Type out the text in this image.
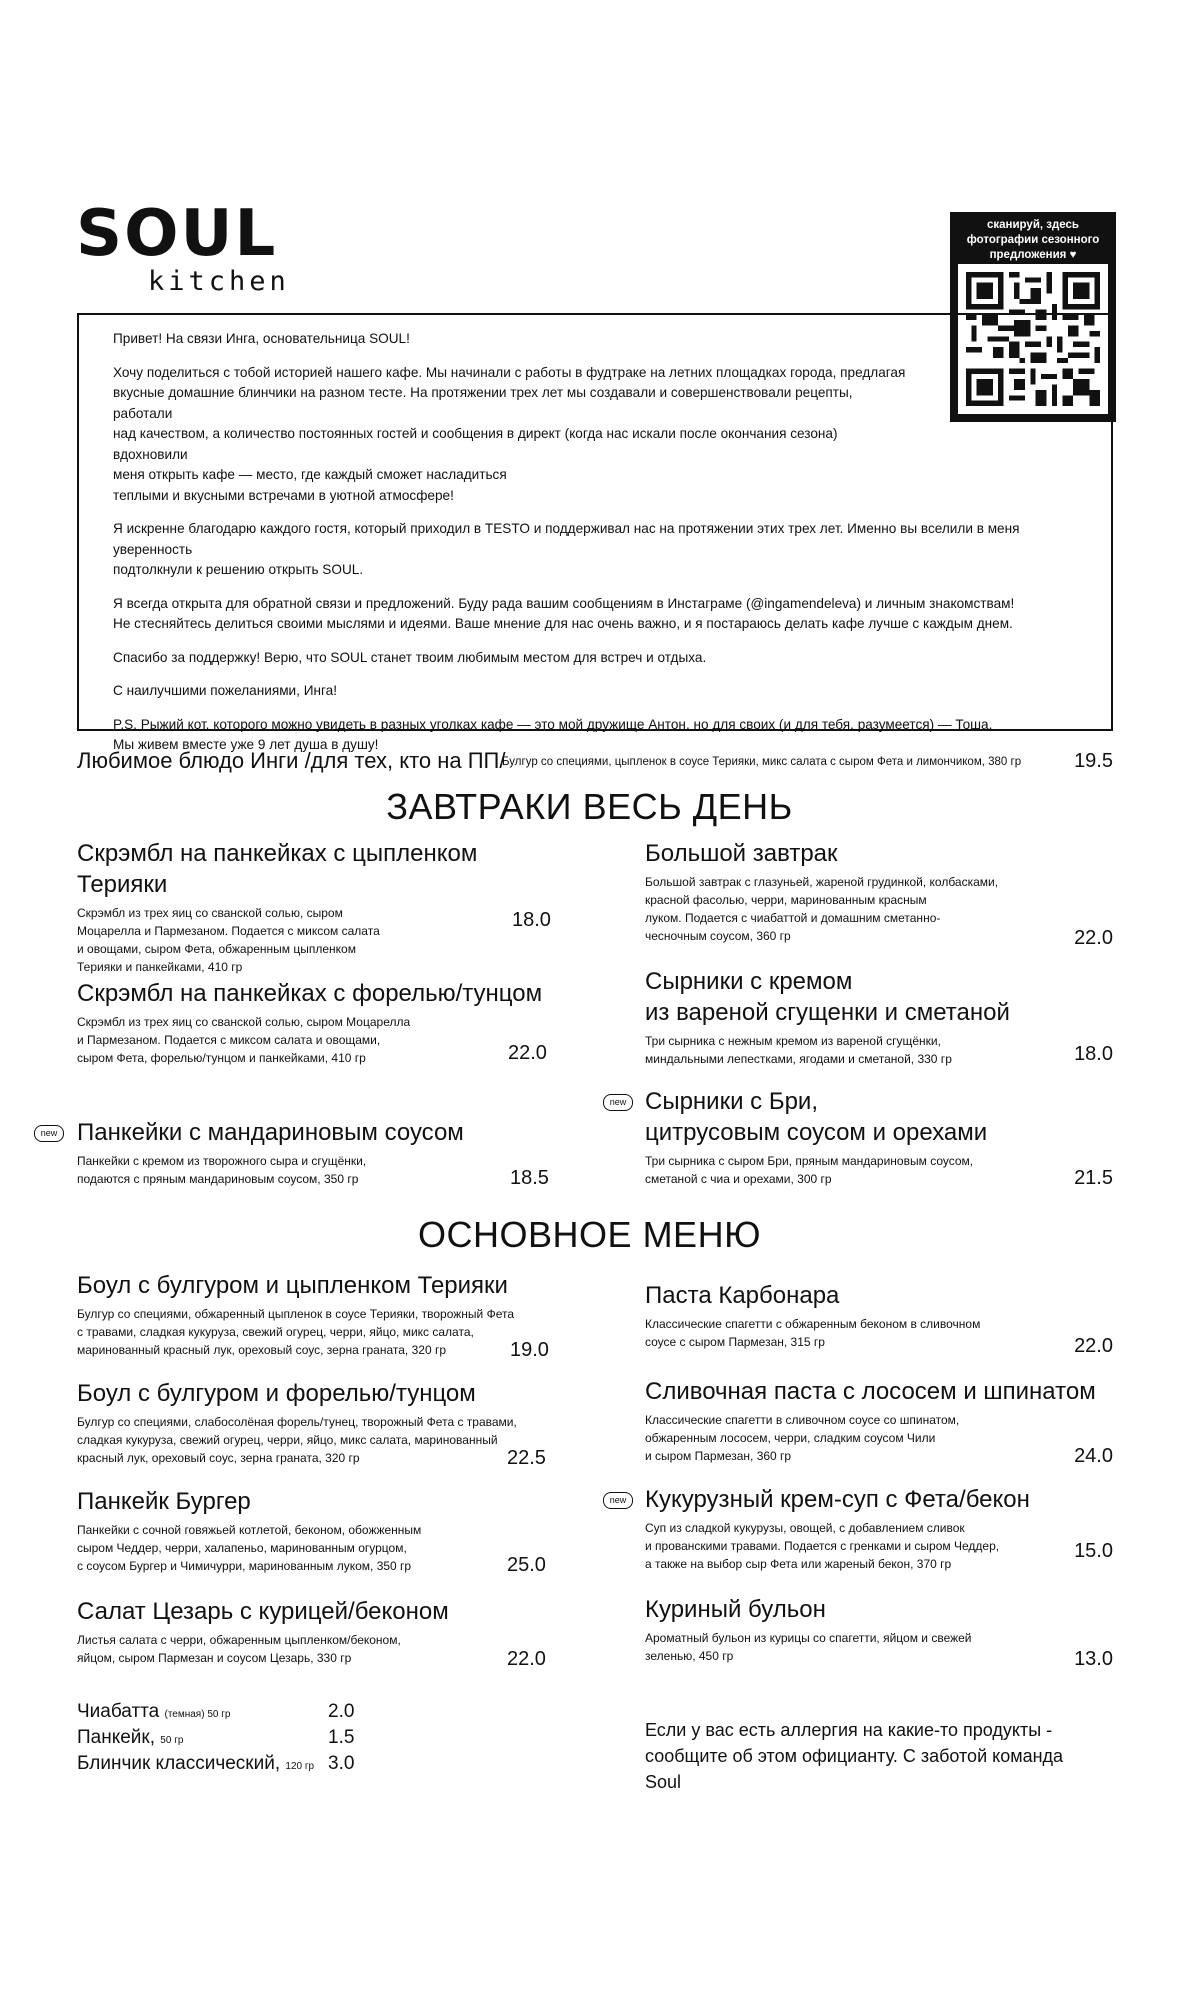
SOUL
kitchen
сканируй, здесь фотографии сезонного предложения ♥

Привет! На связи Инга, основательница SOUL!

Хочу поделиться с тобой историей нашего кафе. Мы начинали с работы в фудтраке на летних площадках города, предлагая
вкусные домашние блинчики на разном тесте. На протяжении трех лет мы создавали и совершенствовали рецепты, работали
над качеством, а количество постоянных гостей и сообщения в директ (когда нас искали после окончания сезона) вдохновили
меня открыть кафе — место, где каждый сможет насладиться
теплыми и вкусными встречами в уютной атмосфере!

Я искренне благодарю каждого гостя, который приходил в TESTO и поддерживал нас на протяжении этих трех лет. Именно вы вселили в меня уверенность
подтолкнули к решению открыть SOUL.

Я всегда открыта для обратной связи и предложений. Буду рада вашим сообщениям в Инстаграме (@ingamendeleva) и личным знакомствам!
Не стесняйтесь делиться своими мыслями и идеями. Ваше мнение для нас очень важно, и я постараюсь делать кафе лучше с каждым днем.

Спасибо за поддержку! Верю, что SOUL станет твоим любимым местом для встреч и отдыха.

С наилучшими пожеланиями, Инга!

P.S. Рыжий кот, которого можно увидеть в разных уголках кафе — это мой дружище Антон, но для своих (и для тебя, разумеется) — Тоша.
Мы живем вместе уже 9 лет душа в душу!

Любимое блюдо Инги /для тех, кто на ПП/
Булгур со специями, цыпленок в соусе Терияки, микс салата с сыром Фета и лимончиком, 380 гр	19.5
ЗАВТРАКИ ВЕСЬ ДЕНЬ
Скрэмбл на панкейках с цыпленком Терияки
Скрэмбл из трех яиц со сванской солью, сыром
Моцарелла и Пармезаном. Подается с миксом салата
и овощами, сыром Фета, обжаренным цыпленком
Терияки и панкейками, 410 гр
18.0
Большой завтрак
Большой завтрак с глазуньей, жареной грудинкой, колбасками,
красной фасолью, черри, маринованным красным
луком. Подается с чиабаттой и домашним сметанно-
чесночным соусом, 360 гр	22.0
Скрэмбл на панкейках с форелью/тунцом
Скрэмбл из трех яиц со сванской солью, сыром Моцарелла
и Пармезаном. Подается с миксом салата и овощами,
сыром Фета, форелью/тунцом и панкейками, 410 гр	22.0
Сырники с кремом
из вареной сгущенки и сметаной
Три сырника с нежным кремом из вареной сгущёнки,
миндальными лепестками, ягодами и сметаной, 330 гр	18.0
new Панкейки с мандариновым соусом
Панкейки с кремом из творожного сыра и сгущёнки,
подаются с пряным мандариновым соусом, 350 гр	18.5
new Сырники с Бри,
цитрусовым соусом и орехами
Три сырника с сыром Бри, пряным мандариновым соусом,
сметаной с чиа и орехами, 300 гр	21.5
ОСНОВНОЕ МЕНЮ
Боул с булгуром и цыпленком Терияки
Булгур со специями, обжаренный цыпленок в соусе Терияки, творожный Фета
с травами, сладкая кукуруза, свежий огурец, черри, яйцо, микс салата,
маринованный красный лук, ореховый соус, зерна граната, 320 гр	19.0
Паста Карбонара
Классические спагетти с обжаренным беконом в сливочном
соусе с сыром Пармезан, 315 гр	22.0
Боул с булгуром и форелью/тунцом
Булгур со специями, слабосолёная форель/тунец, творожный Фета с травами,
сладкая кукуруза, свежий огурец, черри, яйцо, микс салата, маринованный
красный лук, ореховый соус, зерна граната, 320 гр	22.5
Сливочная паста с лососем и шпинатом
Классические спагетти в сливочном соусе со шпинатом,
обжаренным лососем, черри, сладким соусом Чили
и сыром Пармезан, 360 гр	24.0
Панкейк Бургер
Панкейки с сочной говяжьей котлетой, беконом, обожженным
сыром Чеддер, черри, халапеньо, маринованным огурцом,
с соусом Бургер и Чимичурри, маринованным луком, 350 гр	25.0
new Кукурузный крем-суп с Фета/бекон
Суп из сладкой кукурузы, овощей, с добавлением сливок
и прованскими травами. Подается с гренками и сыром Чеддер,
а также на выбор сыр Фета или жареный бекон, 370 гр
15.0
Салат Цезарь с курицей/беконом
Листья салата с черри, обжаренным цыпленком/беконом,
яйцом, сыром Пармезан и соусом Цезарь, 330 гр	22.0
Куриный бульон
Ароматный бульон из курицы со спагетти, яйцом и свежей
зеленью, 450 гр	13.0
Чиабатта (темная) 50 гр	2.0
Панкейк, 50 гр	1.5
Блинчик классический, 120 гр 3.0
Если у вас есть аллергия на какие-то продукты -
сообщите об этом официанту. С заботой команда Soul
